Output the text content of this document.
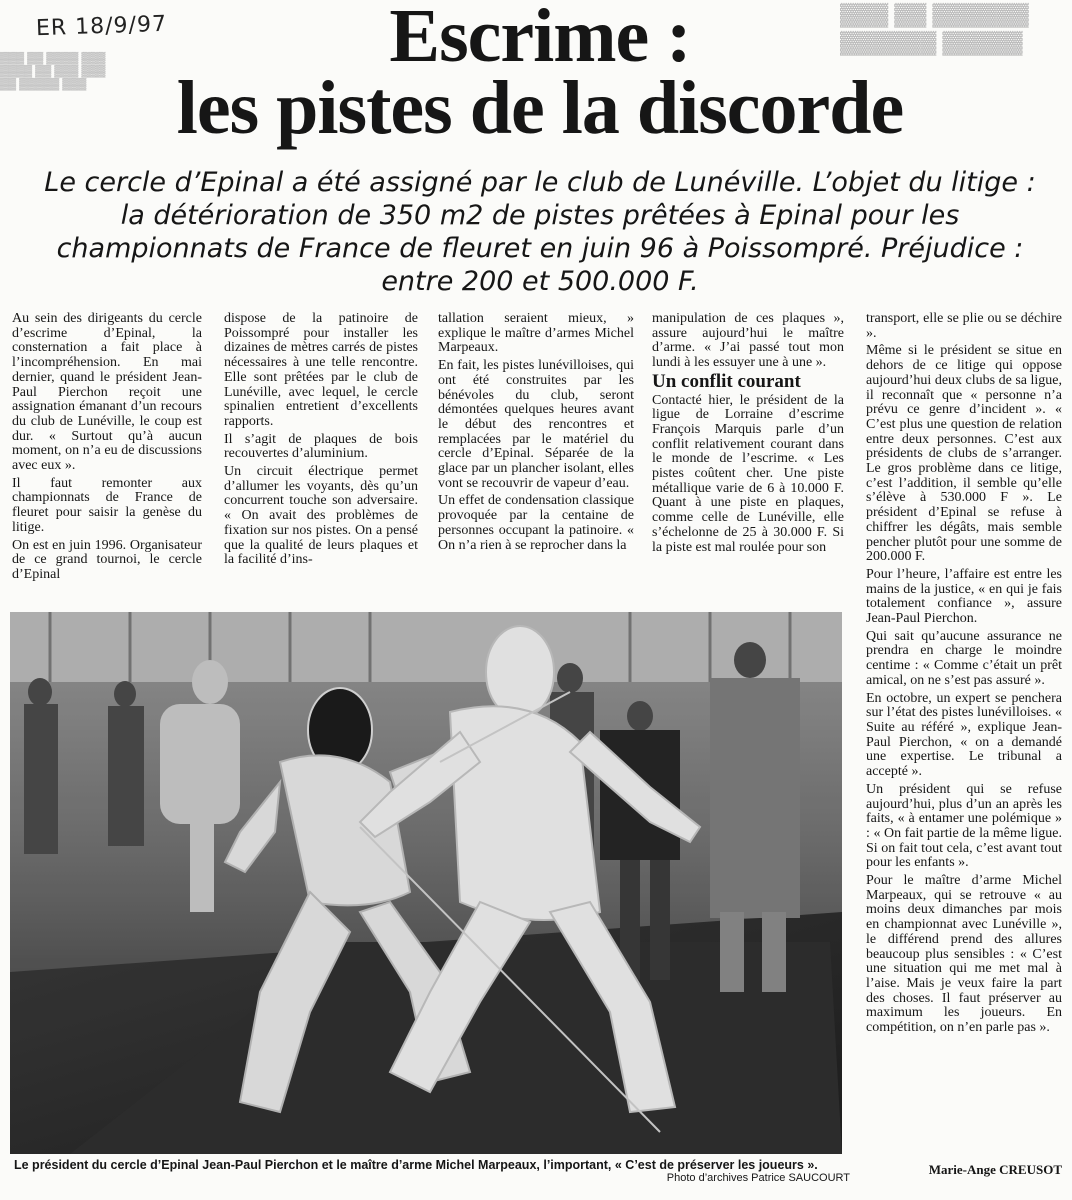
▓▓▓ ▓▓ ▓▓▓▓ ▓▓▓
▓▓▓▓ ▓▓ ▓▓▓ ▓▓▓
▓▓ ▓▓▓▓▓ ▓▓▓
▓▓▓ ▓▓ ▓▓▓▓▓▓
▓▓▓▓▓▓ ▓▓▓▓▓
ER 18/9/97	Escrime :
les pistes de la discorde
Le cercle d’Epinal a été assigné par le club de Lunéville. L’objet du litige : la détérioration de 350 m2 de pistes prêtées à Epinal pour les championnats de France de fleuret en juin 96 à Poissompré. Préjudice : entre 200 et 500.000 F.

Au sein des dirigeants du cercle d’escrime d’Epinal, la consternation a fait place à l’incompréhension. En mai dernier, quand le président Jean-Paul Pierchon reçoit une assignation émanant d’un recours du club de Lunéville, le coup est dur. « Surtout qu’à aucun moment, on n’a eu de discussions avec eux ».

Il faut remonter aux championnats de France de fleuret pour saisir la genèse du litige.

On est en juin 1996. Organisateur de ce grand tournoi, le cercle d’Epinal

dispose de la patinoire de Poissompré pour installer les dizaines de mètres carrés de pistes nécessaires à une telle rencontre. Elle sont prêtées par le club de Lunéville, avec lequel, le cercle spinalien entretient d’excellents rapports.

Il s’agit de plaques de bois recouvertes d’aluminium.

Un circuit électrique permet d’allumer les voyants, dès qu’un concurrent touche son adversaire. « On avait des problèmes de fixation sur nos pistes. On a pensé que la qualité de leurs plaques et la facilité d’ins-

tallation seraient mieux, » explique le maître d’armes Michel Marpeaux.

En fait, les pistes lunévilloises, qui ont été construites par les bénévoles du club, seront démontées quelques heures avant le début des rencontres et remplacées par le matériel du cercle d’Epinal. Séparée de la glace par un plancher isolant, elles vont se recouvrir de vapeur d’eau.

Un effet de condensation classique provoquée par la centaine de personnes occupant la patinoire. « On n’a rien à se reprocher dans la

manipulation de ces plaques », assure aujourd’hui le maître d’arme. « J’ai passé tout mon lundi à les essuyer une à une ».

Un conflit courant

Contacté hier, le président de la ligue de Lorraine d’escrime François Marquis parle d’un conflit relativement courant dans le monde de l’escrime. « Les pistes coûtent cher. Une piste métallique varie de 6 à 10.000 F. Quant à une piste en plaques, comme celle de Lunéville, elle s’échelonne de 25 à 30.000 F. Si la piste est mal roulée pour son

transport, elle se plie ou se déchire ».

Même si le président se situe en dehors de ce litige qui oppose aujourd’hui deux clubs de sa ligue, il reconnaît que « personne n’a prévu ce genre d’incident ». « C’est plus une question de relation entre deux personnes. C’est aux présidents de clubs de s’arranger. Le gros problème dans ce litige, c’est l’addition, il semble qu’elle s’élève à 530.000 F ». Le président d’Epinal se refuse à chiffrer les dégâts, mais semble pencher plutôt pour une somme de 200.000 F.

Pour l’heure, l’affaire est entre les mains de la justice, « en qui je fais totalement confiance », assure Jean-Paul Pierchon.

Qui sait qu’aucune assurance ne prendra en charge le moindre centime : « Comme c’était un prêt amical, on ne s’est pas assuré ».

En octobre, un expert se penchera sur l’état des pistes lunévilloises. « Suite au référé », explique Jean-Paul Pierchon, « on a demandé une expertise. Le tribunal a accepté ».

Un président qui se refuse aujourd’hui, plus d’un an après les faits, « à entamer une polémique » : « On fait partie de la même ligue. Si on fait tout cela, c’est avant tout pour les enfants ».

Pour le maître d’arme Michel Marpeaux, qui se retrouve « au moins deux dimanches par mois en championnat avec Lunéville », le différend prend des allures beaucoup plus sensibles : « C’est une situation qui me met mal à l’aise. Mais je veux faire la part des choses. Il faut préserver au maximum les joueurs. En compétition, on n’en parle pas ».

Le président du cercle d’Epinal Jean-Paul Pierchon et le maître d’arme Michel Marpeaux, l’important, « C’est de préserver les joueurs ».
Photo d’archives Patrice SAUCOURT
Marie-Ange CREUSOT
